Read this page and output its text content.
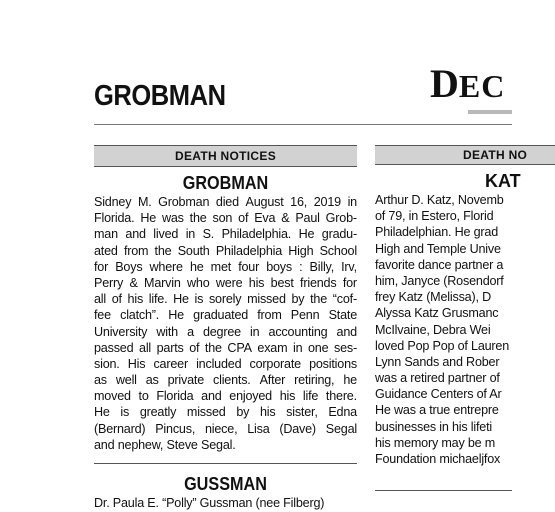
GROBMAN	DEC
DEATH NOTICES
GROBMAN
Sidney M. Grobman died August 16, 2019 in
Florida. He was the son of Eva & Paul Grob-
man and lived in S. Philadelphia. He gradu-
ated from the South Philadelphia High School
for Boys where he met four boys : Billy, Irv,
Perry & Marvin who were his best friends for
all of his life. He is sorely missed by the “cof-
fee clatch”. He graduated from Penn State
University with a degree in accounting and
passed all parts of the CPA exam in one ses-
sion. His career included corporate positions
as well as private clients. After retiring, he
moved to Florida and enjoyed his life there.
He is greatly missed by his sister, Edna
(Bernard) Pincus, niece, Lisa (Dave) Segal
and nephew, Steve Segal.
GUSSMAN
Dr. Paula E. “Polly” Gussman (nee Filberg)
DEATH NO
KAT
Arthur D. Katz, Novemb
of 79, in Estero, Florid
Philadelphian. He grad
High and Temple Unive
favorite dance partner a
him, Janyce (Rosendorf
frey Katz (Melissa), D
Alyssa Katz Grusmanc
McIlvaine, Debra Wei
loved Pop Pop of Lauren
Lynn Sands and Rober
was a retired partner of
Guidance Centers of Ar
He was a true entrepre
businesses in his lifeti
his memory may be m
Foundation michaeljfox
